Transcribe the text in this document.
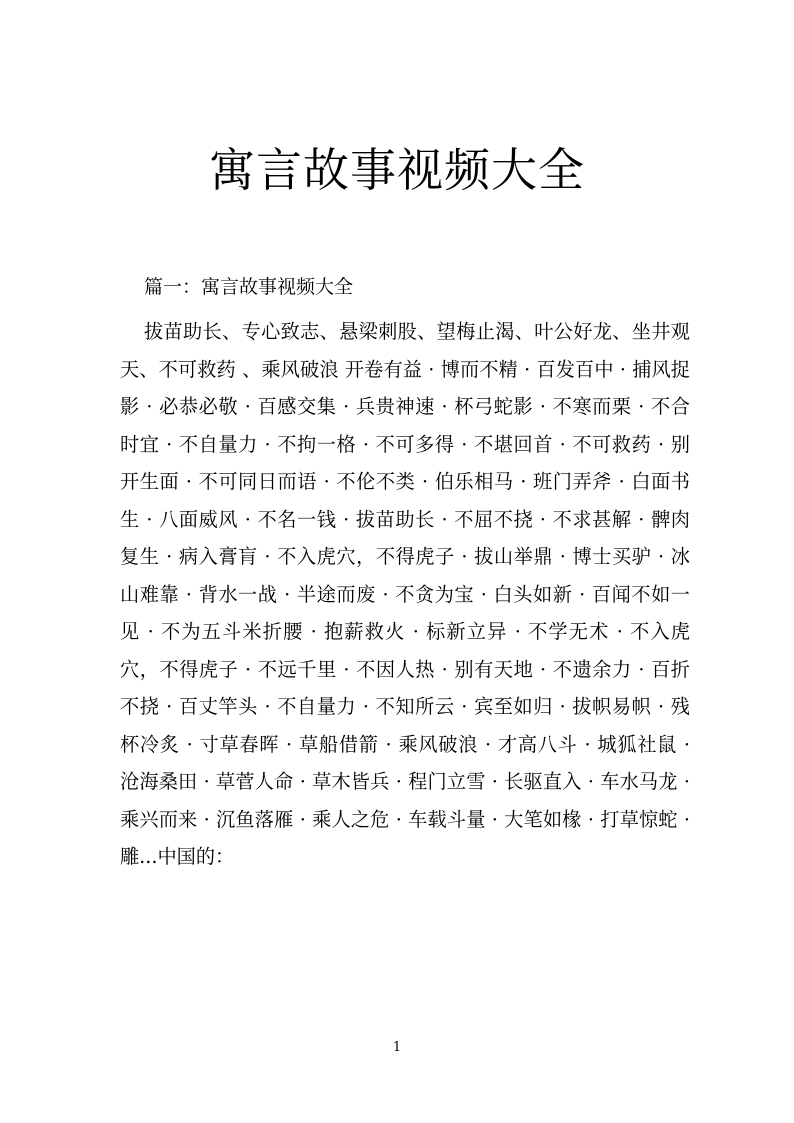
寓言故事视频大全
篇一：寓言故事视频大全
拔苗助长、专心致志、悬梁刺股、望梅止渴、叶公好龙、坐井观天、不可救药 、乘风破浪 开卷有益 · 博而不精 · 百发百中 · 捕风捉影 · 必恭必敬 · 百感交集 · 兵贵神速 · 杯弓蛇影 · 不寒而栗 · 不合时宜 · 不自量力 · 不拘一格 · 不可多得 · 不堪回首 · 不可救药 · 别开生面 · 不可同日而语 · 不伦不类 · 伯乐相马 · 班门弄斧 · 白面书生 · 八面威风 · 不名一钱 · 拔苗助长 · 不屈不挠 · 不求甚解 · 髀肉复生 · 病入膏肓 · 不入虎穴，不得虎子 · 拔山举鼎 · 博士买驴 · 冰山难靠 · 背水一战 · 半途而废 · 不贪为宝 · 白头如新 · 百闻不如一见 · 不为五斗米折腰 · 抱薪救火 · 标新立异 · 不学无术 · 不入虎穴，不得虎子 · 不远千里 · 不因人热 · 别有天地 · 不遗余力 · 百折不挠 · 百丈竿头 · 不自量力 · 不知所云 · 宾至如归 · 拔帜易帜 · 残杯冷炙 · 寸草春晖 · 草船借箭 · 乘风破浪 · 才高八斗 · 城狐社鼠 · 沧海桑田 · 草菅人命 · 草木皆兵 · 程门立雪 · 长驱直入 · 车水马龙 · 乘兴而来 · 沉鱼落雁 · 乘人之危 · 车载斗量 · 大笔如椽 · 打草惊蛇 · 雕...中国的：
1
